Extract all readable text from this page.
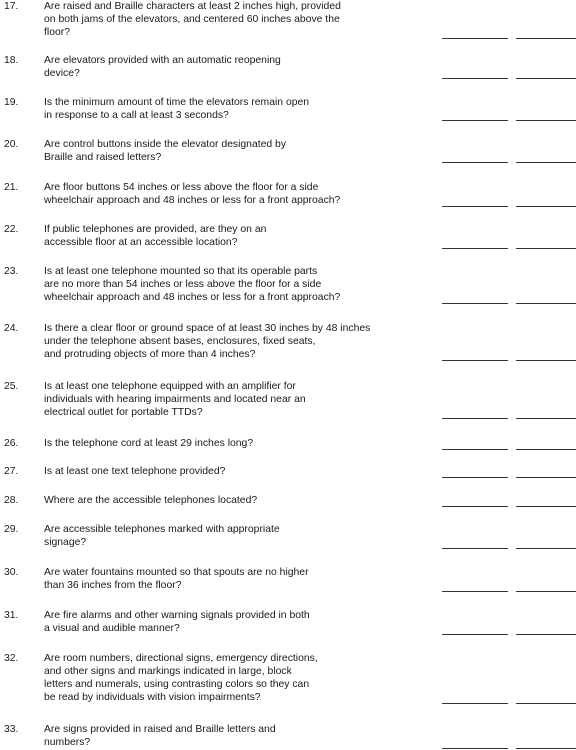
17. Are raised and Braille characters at least 2 inches high, provided
on both jams of the elevators, and centered 60 inches above the
floor?
18. Are elevators provided with an automatic reopening
device?
19. Is the minimum amount of time the elevators remain open
in response to a call at least 3 seconds?
20. Are control buttons inside the elevator designated by
Braille and raised letters?
21. Are floor buttons 54 inches or less above the floor for a side
wheelchair approach and 48 inches or less for a front approach?
22. If public telephones are provided, are they on an
accessible floor at an accessible location?
23. Is at least one telephone mounted so that its operable parts
are no more than 54 inches or less above the floor for a side
wheelchair approach and 48 inches or less for a front approach?
24. Is there a clear floor or ground space of at least 30 inches by 48 inches
under the telephone absent bases, enclosures, fixed seats,
and protruding objects of more than 4 inches?
25. Is at least one telephone equipped with an amplifier for
individuals with hearing impairments and located near an
electrical outlet for portable TTDs?
26. Is the telephone cord at least 29 inches long?
27. Is at least one text telephone provided?
28. Where are the accessible telephones located?
29. Are accessible telephones marked with appropriate
signage?
30. Are water fountains mounted so that spouts are no higher
than 36 inches from the floor?
31. Are fire alarms and other warning signals provided in both
a visual and audible manner?
32. Are room numbers, directional signs, emergency directions,
and other signs and markings indicated in large, block
letters and numerals, using contrasting colors so they can
be read by individuals with vision impairments?
33. Are signs provided in raised and Braille letters and
numbers?
